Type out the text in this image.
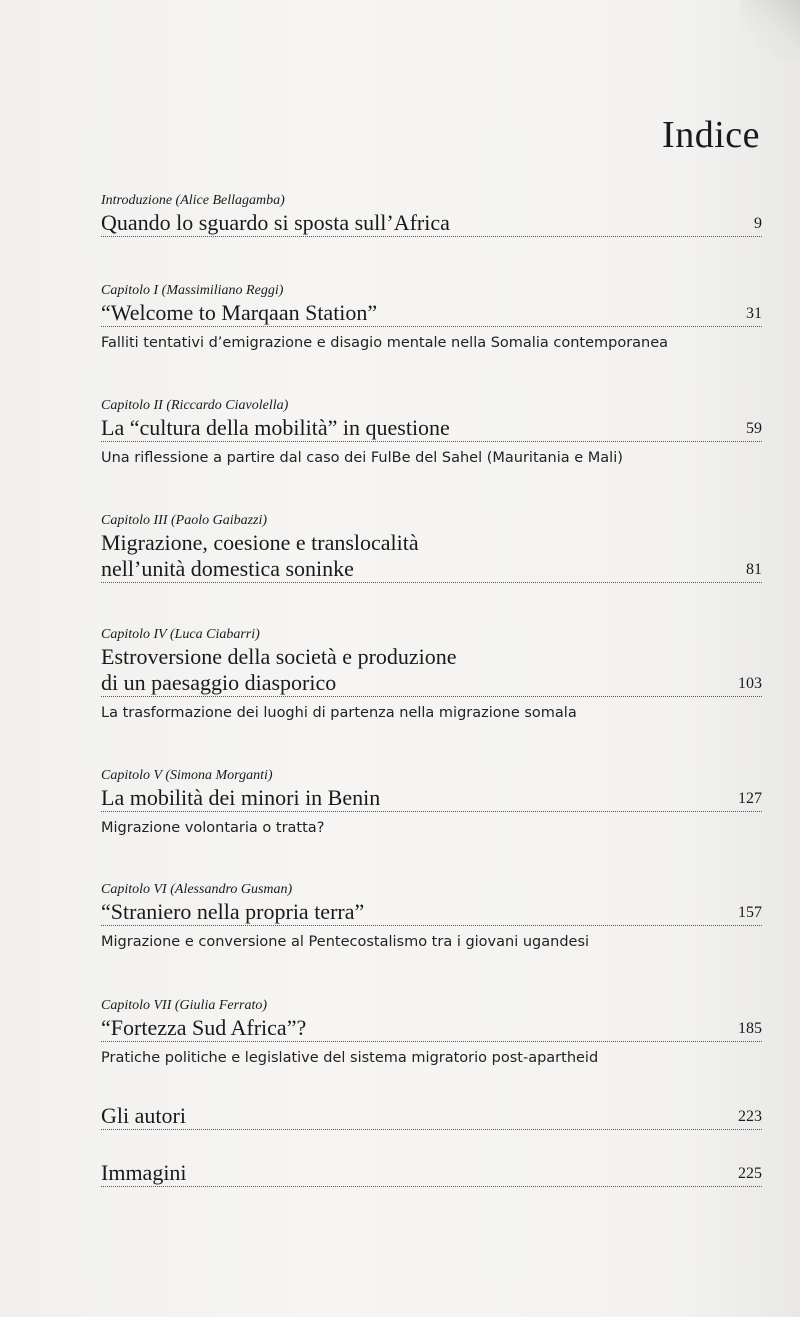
Indice
Introduzione (Alice Bellagamba)
Quando lo sguardo si sposta sull’Africa	9
Capitolo I (Massimiliano Reggi)
“Welcome to Marqaan Station”	31
Falliti tentativi d’emigrazione e disagio mentale nella Somalia contemporanea
Capitolo II (Riccardo Ciavolella)
La “cultura della mobilità” in questione	59
Una riflessione a partire dal caso dei FulBe del Sahel (Mauritania e Mali)
Capitolo III (Paolo Gaibazzi)
Migrazione, coesione e translocalità
nell’unità domestica soninke	81
Capitolo IV (Luca Ciabarri)
Estroversione della società e produzione
di un paesaggio diasporico	103
La trasformazione dei luoghi di partenza nella migrazione somala
Capitolo V (Simona Morganti)
La mobilità dei minori in Benin	127
Migrazione volontaria o tratta?
Capitolo VI (Alessandro Gusman)
“Straniero nella propria terra”	157
Migrazione e conversione al Pentecostalismo tra i giovani ugandesi
Capitolo VII (Giulia Ferrato)
“Fortezza Sud Africa”?	185
Pratiche politiche e legislative del sistema migratorio post-apartheid
Gli autori	223
Immagini	225
